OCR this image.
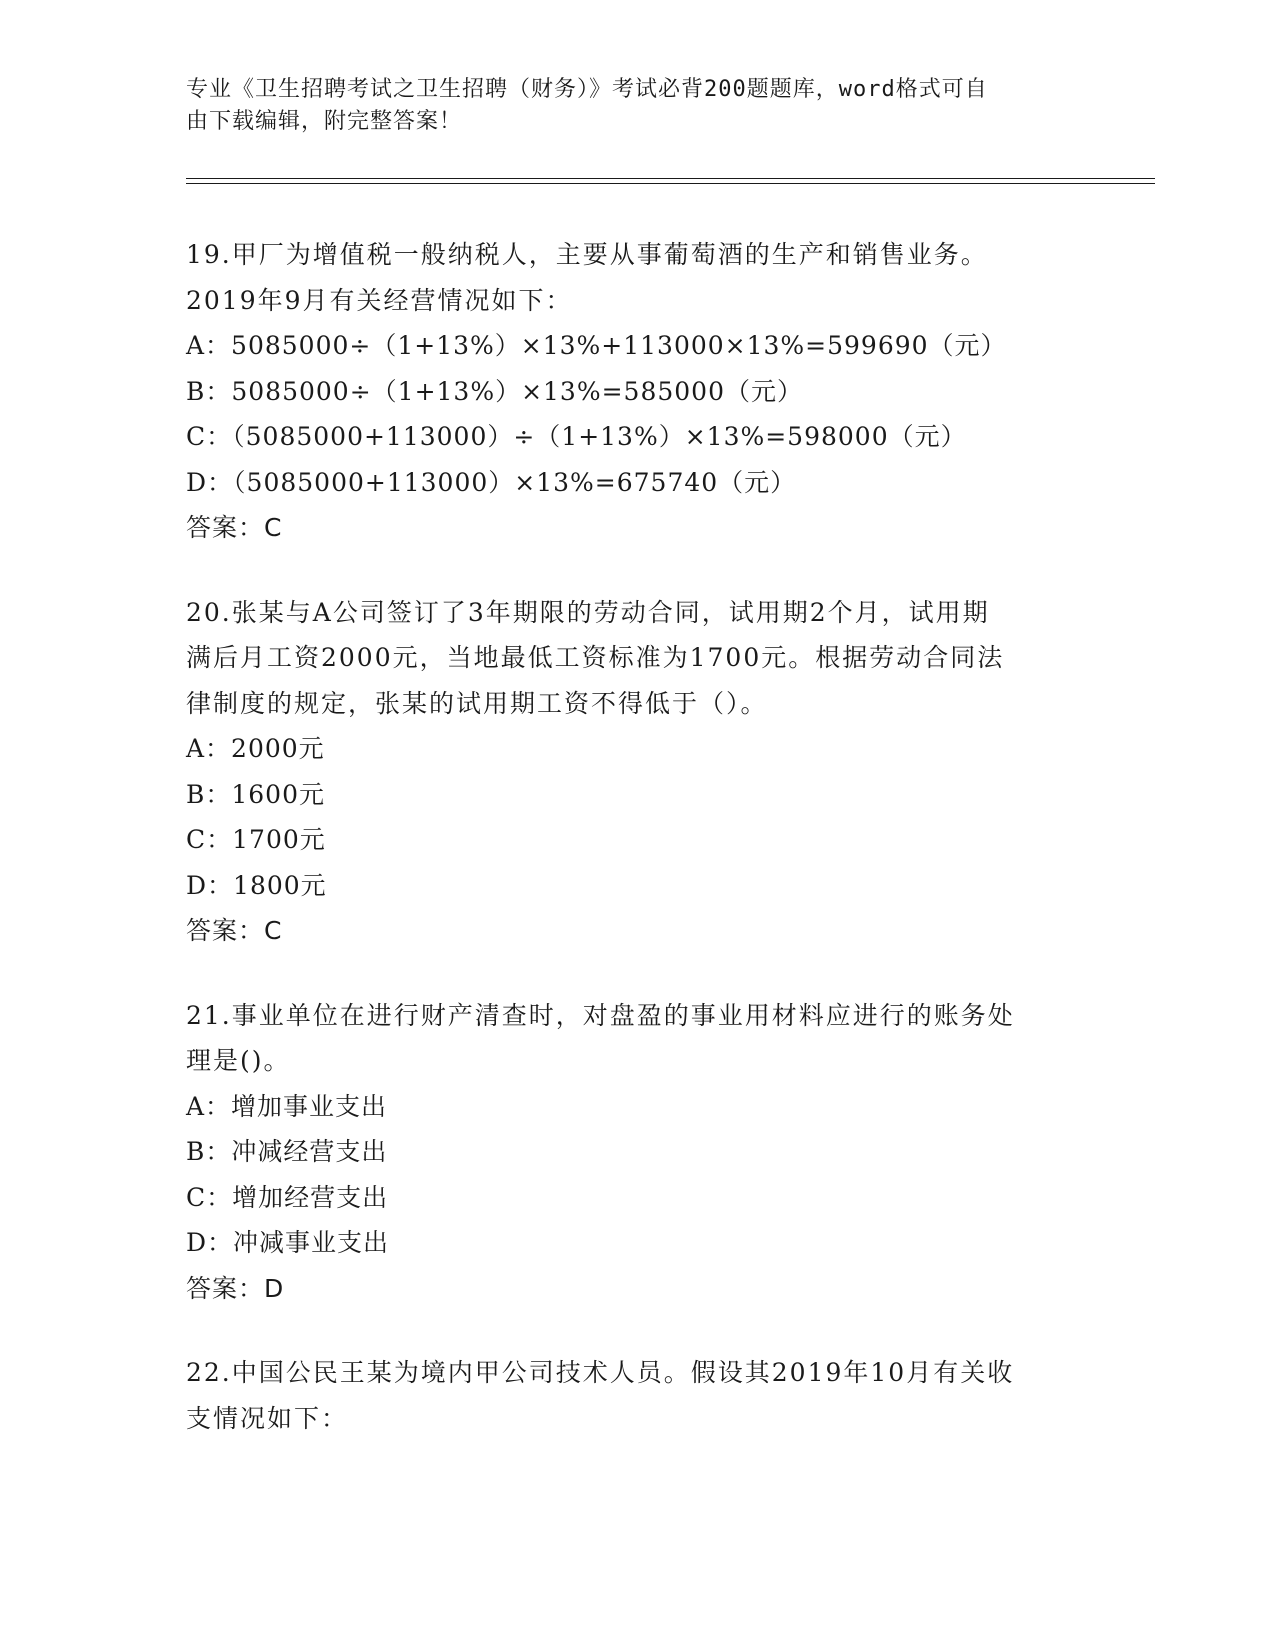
专业《卫生招聘考试之卫生招聘（财务）》考试必背200题题库，word格式可自

由下载编辑，附完整答案！

19.甲厂为增值税一般纳税人，主要从事葡萄酒的生产和销售业务。

2019年9月有关经营情况如下：

A：5085000÷（1+13%）×13%+113000×13%=599690（元）

B：5085000÷（1+13%）×13%=585000（元）

C：（5085000+113000）÷（1+13%）×13%=598000（元）

D：（5085000+113000）×13%=675740（元）

答案：C

20.张某与A公司签订了3年期限的劳动合同，试用期2个月，试用期

满后月工资2000元，当地最低工资标准为1700元。根据劳动合同法

律制度的规定，张某的试用期工资不得低于（）。

A：2000元

B：1600元

C：1700元

D：1800元

答案：C

21.事业单位在进行财产清查时，对盘盈的事业用材料应进行的账务处

理是()。

A：增加事业支出

B：冲减经营支出

C：增加经营支出

D：冲减事业支出

答案：D

22.中国公民王某为境内甲公司技术人员。假设其2019年10月有关收

支情况如下：
